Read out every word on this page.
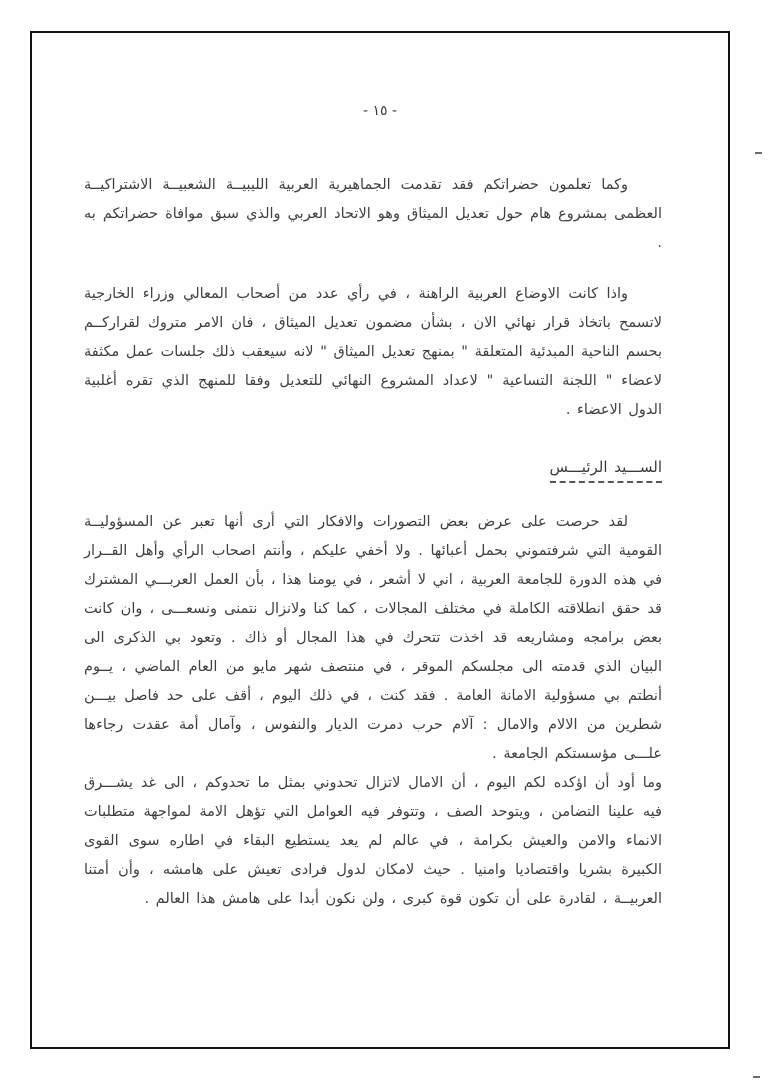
- ١٥ -

وكما تعلمون حضراتكم فقد تقدمت الجماهيرية العربية الليبيــة الشعبيــة الاشتراكيــة العظمى بمشروع هام حول تعديل الميثاق وهو الاتحاد العربي والذي سبق موافاة حضراتكم به .

واذا كانت الاوضاع العربية الراهنة ، في رأي عدد من أصحاب المعالي وزراء الخارجية لاتسمح باتخاذ قرار نهائي الان ، بشأن مضمون تعديل الميثاق ، فان الامر متروك لقراركــم بحسم الناحية المبدئية المتعلقة " بمنهج تعديل الميثاق " لانه سيعقب ذلك جلسات عمل مكثفة لاعضاء " اللجنة التساعية " لاعداد المشروع النهائي للتعديل وفقا للمنهج الذي تقره أغلبية الدول الاعضاء .

الســـيد الرئيـــس

لقد حرصت على عرض بعض التصورات والافكار التي أرى أنها تعبر عن المسؤوليــة القومية التي شرفتموني بحمل أعبائها . ولا أخفي عليكم ، وأنتم اصحاب الرأي وأهل القــرار في هذه الدورة للجامعة العربية ، اني لا أشعر ، في يومنا هذا ، بأن العمل العربـــي المشترك قد حقق انطلاقته الكاملة في مختلف المجالات ، كما كنا ولانزال نتمنى ونسعـــى ، وان كانت بعض برامجه ومشاريعه قد اخذت تتحرك في هذا المجال أو ذاك . وتعود بي الذكرى الى البيان الذي قدمته الى مجلسكم الموقر ، في منتصف شهر مايو من العام الماضي ، يــوم أنطتم بي مسؤولية الامانة العامة . فقد كنت ، في ذلك اليوم ، أقف على حد فاصل بيـــن شطرين من الالام والامال : آلام حرب دمرت الديار والنفوس ، وآمال أمة عقدت رجاءها علـــى مؤسستكم الجامعة .

وما أود أن اؤكده لكم اليوم ، أن الامال لاتزال تحدوني بمثل ما تحدوكم ، الى غد يشـــرق فيه علينا التضامن ، ويتوحد الصف ، وتتوفر فيه العوامل التي تؤهل الامة لمواجهة متطلبات الانماء والامن والعيش بكرامة ، في عالم لم يعد يستطيع البقاء في اطاره سوى القوى الكبيرة بشريا واقتصاديا وامنيا . حيث لامكان لدول فرادى تعيش على هامشه ، وأن أمتنا العربيــة ، لقادرة على أن تكون قوة كبرى ، ولن نكون أبدا على هامش هذا العالم .
